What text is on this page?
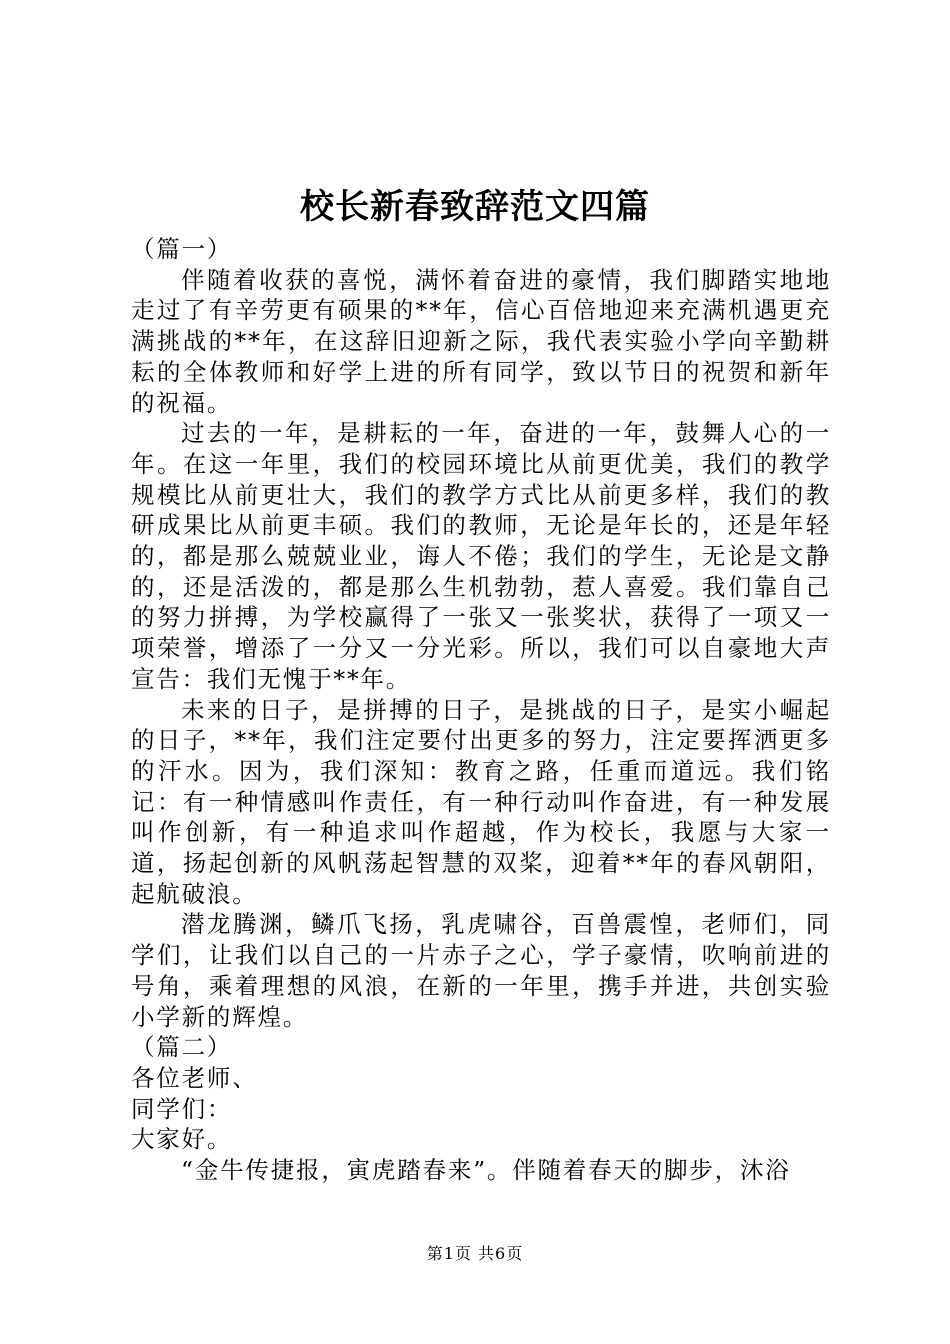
校长新春致辞范文四篇

（篇一）

伴随着收获的喜悦，满怀着奋进的豪情，我们脚踏实地地走过了有辛劳更有硕果的**年，信心百倍地迎来充满机遇更充满挑战的**年，在这辞旧迎新之际，我代表实验小学向辛勤耕耘的全体教师和好学上进的所有同学，致以节日的祝贺和新年的祝福。

过去的一年，是耕耘的一年，奋进的一年，鼓舞人心的一年。在这一年里，我们的校园环境比从前更优美，我们的教学规模比从前更壮大，我们的教学方式比从前更多样，我们的教研成果比从前更丰硕。我们的教师，无论是年长的，还是年轻的，都是那么兢兢业业，诲人不倦；我们的学生，无论是文静的，还是活泼的，都是那么生机勃勃，惹人喜爱。我们靠自己的努力拼搏，为学校赢得了一张又一张奖状，获得了一项又一项荣誉，增添了一分又一分光彩。所以，我们可以自豪地大声宣告：我们无愧于**年。

未来的日子，是拼搏的日子，是挑战的日子，是实小崛起的日子，**年，我们注定要付出更多的努力，注定要挥洒更多的汗水。因为，我们深知：教育之路，任重而道远。我们铭记：有一种情感叫作责任，有一种行动叫作奋进，有一种发展叫作创新，有一种追求叫作超越，作为校长，我愿与大家一道，扬起创新的风帆荡起智慧的双桨，迎着**年的春风朝阳，起航破浪。

潜龙腾渊，鳞爪飞扬，乳虎啸谷，百兽震惶，老师们，同学们，让我们以自己的一片赤子之心，学子豪情，吹响前进的号角，乘着理想的风浪，在新的一年里，携手并进，共创实验小学新的辉煌。

（篇二）

各位老师、

同学们：

大家好。

“金牛传捷报，寅虎踏春来”。伴随着春天的脚步，沐浴

第1页 共6页
